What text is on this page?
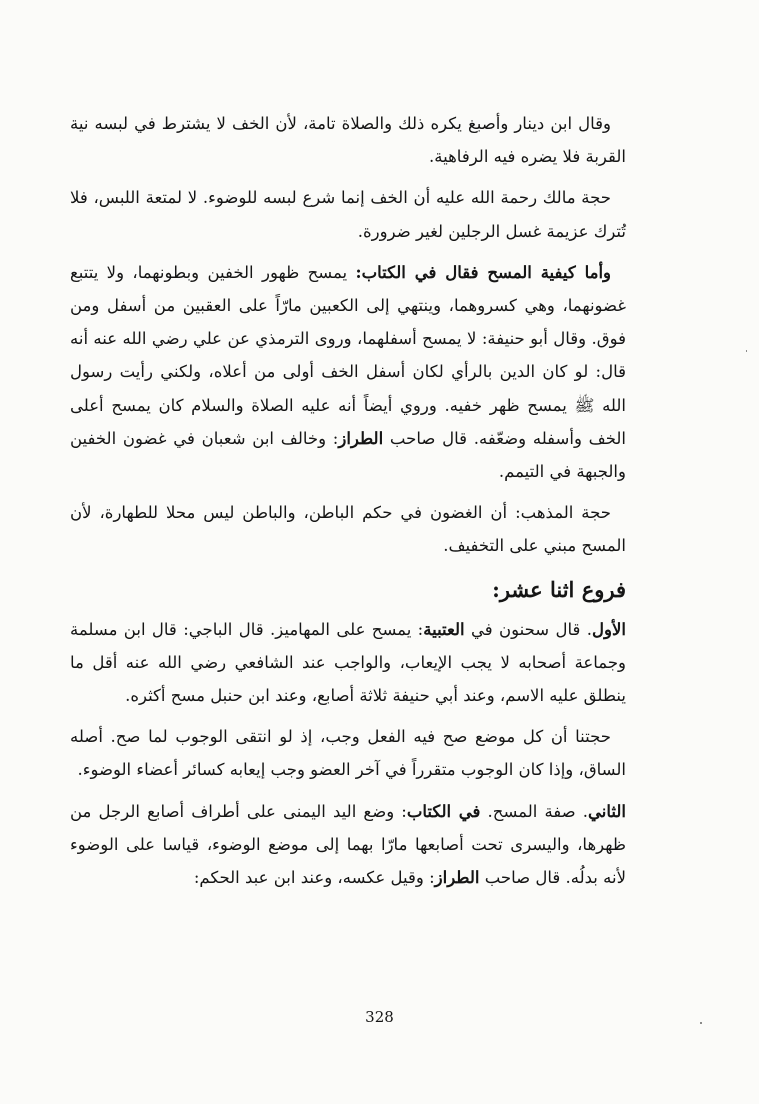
وقال ابن دينار وأصبغ يكره ذلك والصلاة تامة، لأن الخف لا يشترط في لبسه نية القربة فلا يضره فيه الرفاهية.

حجة مالك رحمة الله عليه أن الخف إنما شرع لبسه للوضوء. لا لمتعة اللبس، فلا تُترك عزيمة غسل الرجلين لغير ضرورة.

وأما كيفية المسح فقال في الكتاب: يمسح ظهور الخفين وبطونهما، ولا يتتبع غضونهما، وهي كسروهما، وينتهي إلى الكعبين مارّاً على العقبين من أسفل ومن فوق. وقال أبو حنيفة: لا يمسح أسفلهما، وروى الترمذي عن علي رضي الله عنه أنه قال: لو كان الدين بالرأي لكان أسفل الخف أولى من أعلاه، ولكني رأيت رسول الله ﷺ يمسح ظهر خفيه. وروي أيضاً أنه عليه الصلاة والسلام كان يمسح أعلى الخف وأسفله وضعّفه. قال صاحب الطراز: وخالف ابن شعبان في غضون الخفين والجبهة في التيمم.

حجة المذهب: أن الغضون في حكم الباطن، والباطن ليس محلا للطهارة، لأن المسح مبني على التخفيف.

فروع اثنا عشر:

الأول. قال سحنون في العتبية: يمسح على المهاميز. قال الباجي: قال ابن مسلمة وجماعة أصحابه لا يجب الإيعاب، والواجب عند الشافعي رضي الله عنه أقل ما ينطلق عليه الاسم، وعند أبي حنيفة ثلاثة أصابع، وعند ابن حنبل مسح أكثره.

حجتنا أن كل موضع صح فيه الفعل وجب، إذ لو انتقى الوجوب لما صح. أصله الساق، وإذا كان الوجوب متقرراً في آخر العضو وجب إيعابه كسائر أعضاء الوضوء.

الثاني. صفة المسح. في الكتاب: وضع اليد اليمنى على أطراف أصابع الرجل من ظهرها، واليسرى تحت أصابعها مارّا بهما إلى موضع الوضوء، قياسا على الوضوء لأنه بدلُه. قال صاحب الطراز: وقيل عكسه، وعند ابن عبد الحكم:

328
